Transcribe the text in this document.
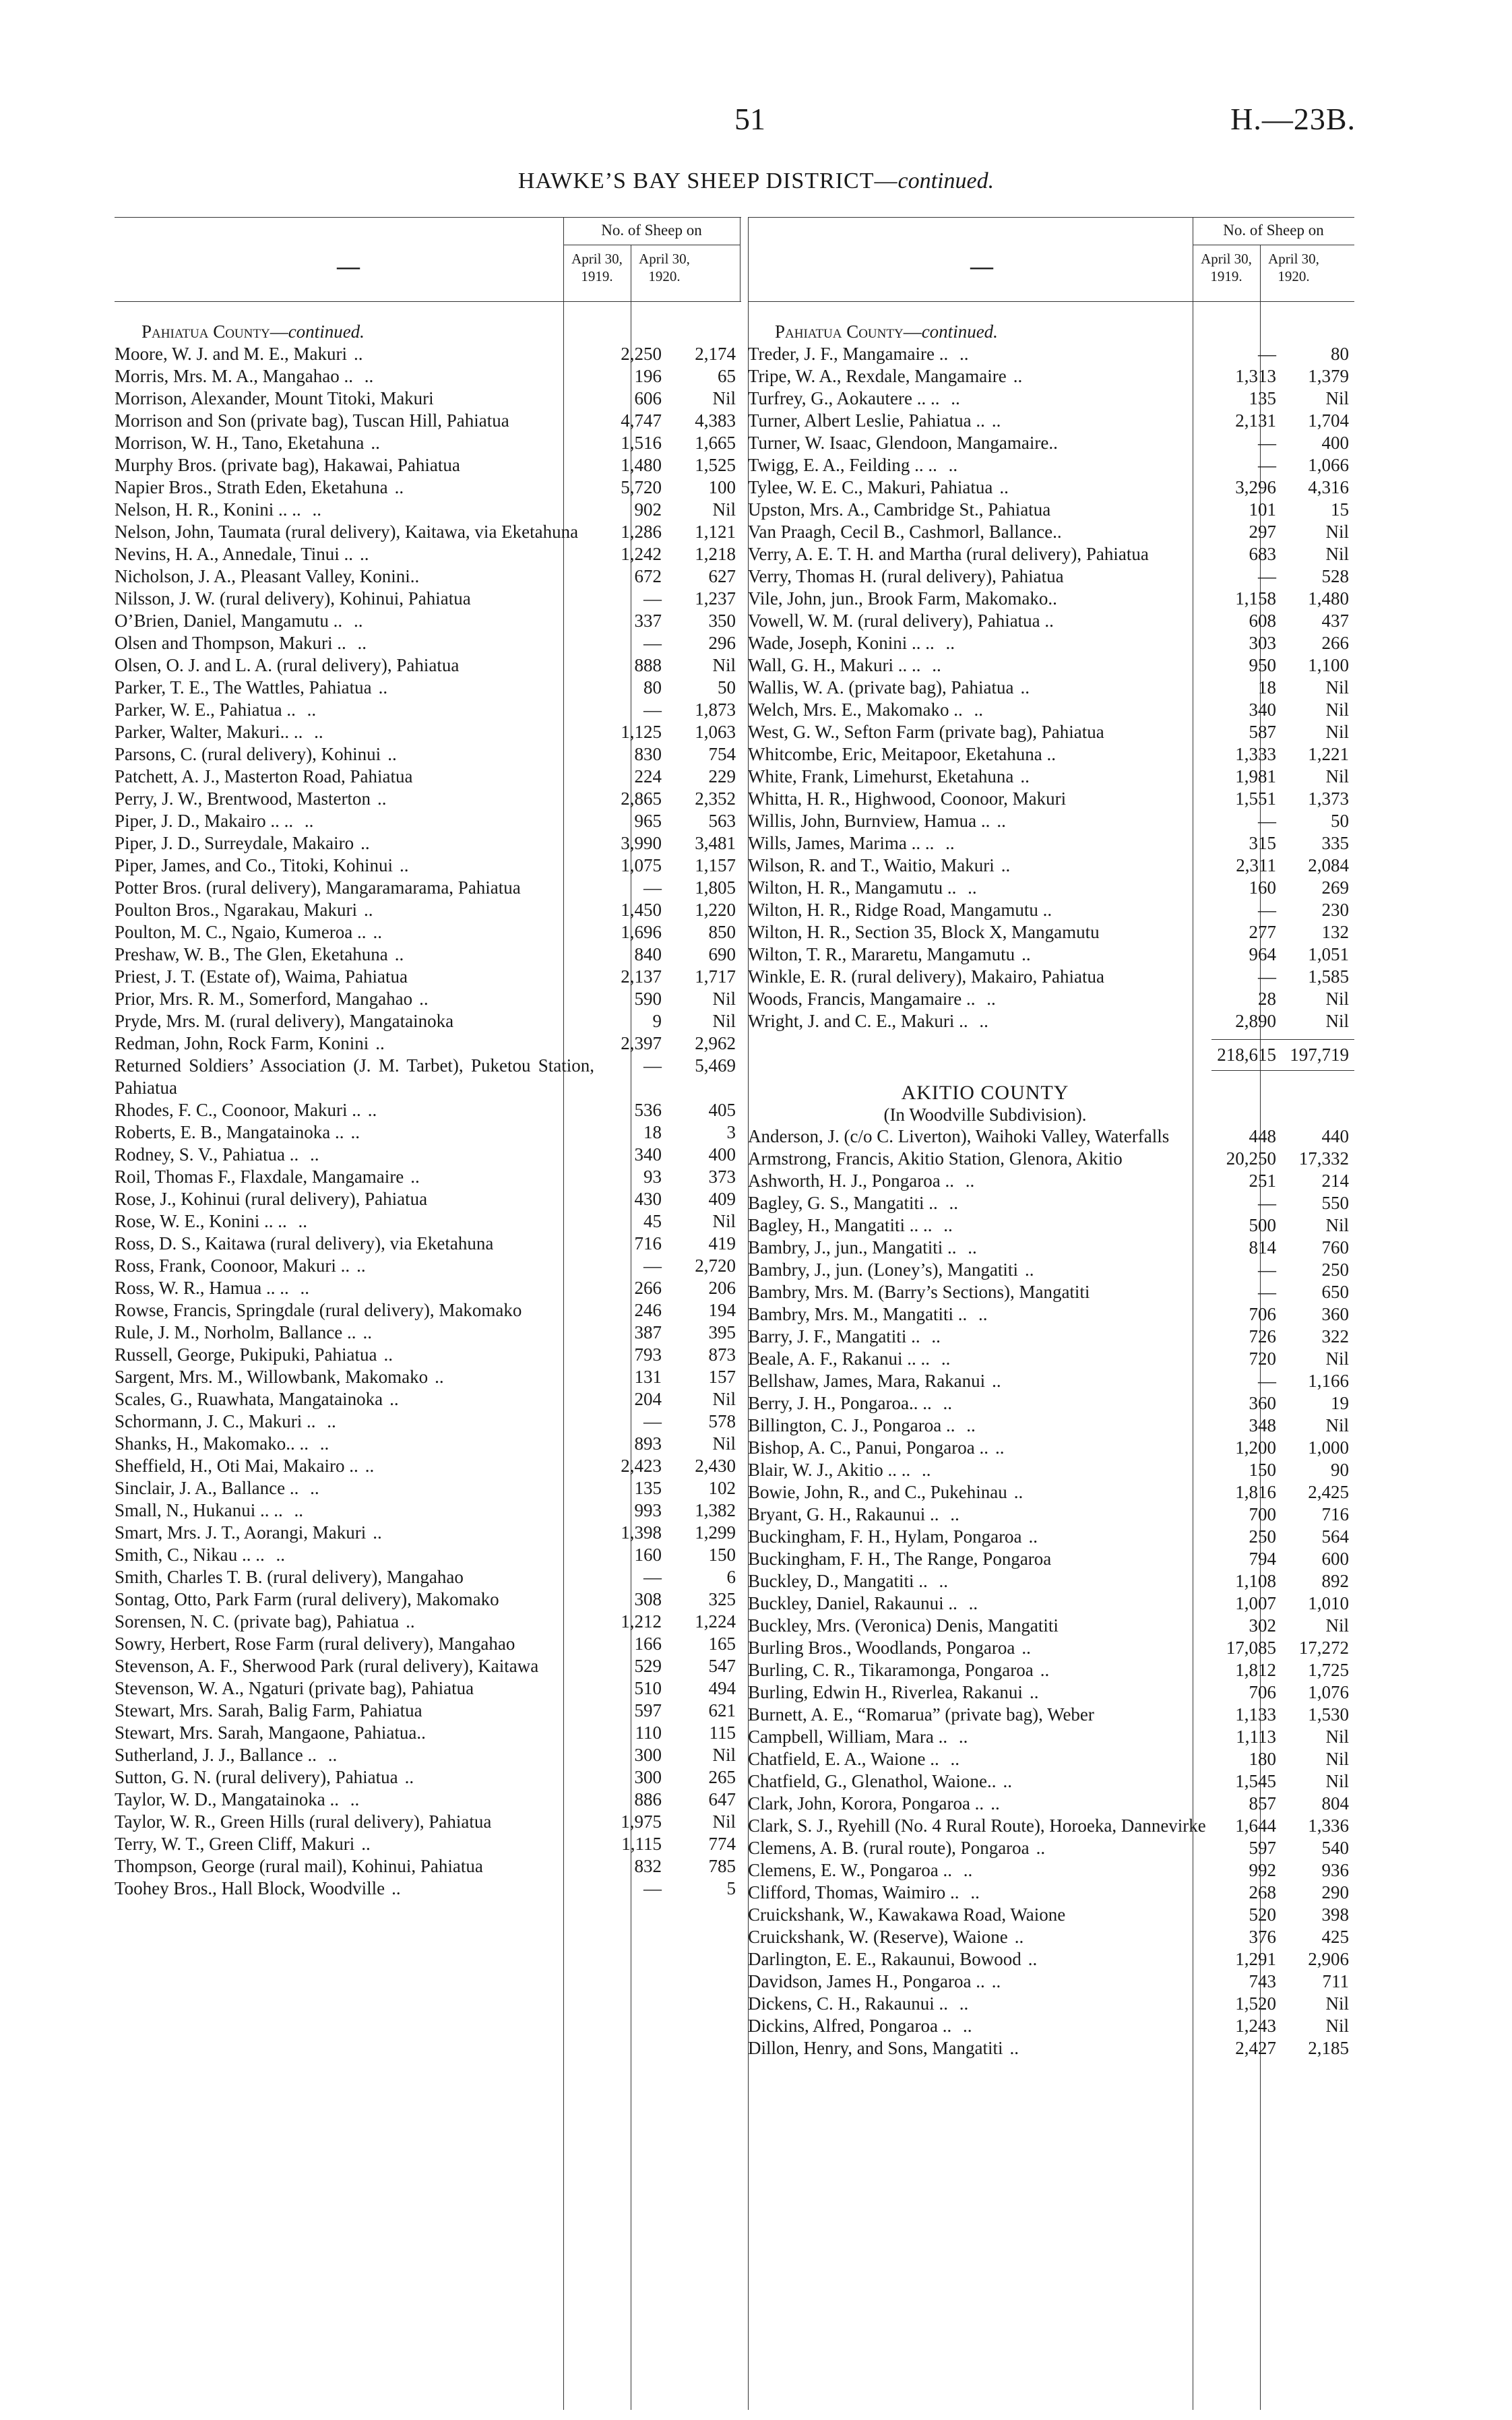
51	H.—23B.
HAWKE’S BAY SHEEP DISTRICT—continued.
—
No. of Sheep on
April 30, 1919.
April 30, 1920.
Pahiatua County—continued.
Moore, W. J. and M. E., Makuri ..	2,250	2,174
Morris, Mrs. M. A., Mangahao .. ..	196	65
Morrison, Alexander, Mount Titoki, Makuri	606	Nil
Morrison and Son (private bag), Tuscan Hill, Pahiatua	4,747	4,383
Morrison, W. H., Tano, Eketahuna ..	1,516	1,665
Murphy Bros. (private bag), Hakawai, Pahiatua	1,480	1,525
Napier Bros., Strath Eden, Eketahuna ..	5,720	100
Nelson, H. R., Konini .. .. ..	902	Nil
Nelson, John, Taumata (rural delivery), Kaitawa, via Eketahuna	1,286	1,121
Nevins, H. A., Annedale, Tinui .. ..	1,242	1,218
Nicholson, J. A., Pleasant Valley, Konini..	672	627
Nilsson, J. W. (rural delivery), Kohinui, Pahiatua	—	1,237
O’Brien, Daniel, Mangamutu .. ..	337	350
Olsen and Thompson, Makuri .. ..	—	296
Olsen, O. J. and L. A. (rural delivery), Pahiatua	888	Nil
Parker, T. E., The Wattles, Pahiatua ..	80	50
Parker, W. E., Pahiatua .. ..	—	1,873
Parker, Walter, Makuri.. .. ..	1,125	1,063
Parsons, C. (rural delivery), Kohinui ..	830	754
Patchett, A. J., Masterton Road, Pahiatua	224	229
Perry, J. W., Brentwood, Masterton ..	2,865	2,352
Piper, J. D., Makairo .. .. ..	965	563
Piper, J. D., Surreydale, Makairo ..	3,990	3,481
Piper, James, and Co., Titoki, Kohinui ..	1,075	1,157
Potter Bros. (rural delivery), Mangaramarama, Pahiatua	—	1,805
Poulton Bros., Ngarakau, Makuri ..	1,450	1,220
Poulton, M. C., Ngaio, Kumeroa .. ..	1,696	850
Preshaw, W. B., The Glen, Eketahuna ..	840	690
Priest, J. T. (Estate of), Waima, Pahiatua	2,137	1,717
Prior, Mrs. R. M., Somerford, Mangahao ..	590	Nil
Pryde, Mrs. M. (rural delivery), Mangatainoka	9	Nil
Redman, John, Rock Farm, Konini ..	2,397	2,962
Returned Soldiers’ Association (J. M. Tarbet), Puketou Station, Pahiatua
—	5,469
Rhodes, F. C., Coonoor, Makuri .. ..	536	405
Roberts, E. B., Mangatainoka .. ..	18	3
Rodney, S. V., Pahiatua .. ..	340	400
Roil, Thomas F., Flaxdale, Mangamaire ..	93	373
Rose, J., Kohinui (rural delivery), Pahiatua	430	409
Rose, W. E., Konini .. .. ..	45	Nil
Ross, D. S., Kaitawa (rural delivery), via Eketahuna	716	419
Ross, Frank, Coonoor, Makuri .. ..	—	2,720
Ross, W. R., Hamua .. .. ..	266	206
Rowse, Francis, Springdale (rural delivery), Makomako	246	194
Rule, J. M., Norholm, Ballance .. ..	387	395
Russell, George, Pukipuki, Pahiatua ..	793	873
Sargent, Mrs. M., Willowbank, Makomako ..	131	157
Scales, G., Ruawhata, Mangatainoka ..	204	Nil
Schormann, J. C., Makuri .. ..	—	578
Shanks, H., Makomako.. .. ..	893	Nil
Sheffield, H., Oti Mai, Makairo .. ..	2,423	2,430
Sinclair, J. A., Ballance .. ..	135	102
Small, N., Hukanui .. .. ..	993	1,382
Smart, Mrs. J. T., Aorangi, Makuri ..	1,398	1,299
Smith, C., Nikau .. .. ..	160	150
Smith, Charles T. B. (rural delivery), Mangahao	—	6
Sontag, Otto, Park Farm (rural delivery), Makomako	308	325
Sorensen, N. C. (private bag), Pahiatua ..	1,212	1,224
Sowry, Herbert, Rose Farm (rural delivery), Mangahao	166	165
Stevenson, A. F., Sherwood Park (rural delivery), Kaitawa	529	547
Stevenson, W. A., Ngaturi (private bag), Pahiatua	510	494
Stewart, Mrs. Sarah, Balig Farm, Pahiatua	597	621
Stewart, Mrs. Sarah, Mangaone, Pahiatua..	110	115
Sutherland, J. J., Ballance .. ..	300	Nil
Sutton, G. N. (rural delivery), Pahiatua ..	300	265
Taylor, W. D., Mangatainoka .. ..	886	647
Taylor, W. R., Green Hills (rural delivery), Pahiatua	1,975	Nil
Terry, W. T., Green Cliff, Makuri ..	1,115	774
Thompson, George (rural mail), Kohinui, Pahiatua	832	785
Toohey Bros., Hall Block, Woodville ..	—	5
—
No. of Sheep on
April 30, 1919.
April 30, 1920.
Pahiatua County—continued.
Treder, J. F., Mangamaire .. ..	—	80
Tripe, W. A., Rexdale, Mangamaire ..	1,313	1,379
Turfrey, G., Aokautere .. .. ..	135	Nil
Turner, Albert Leslie, Pahiatua .. ..	2,131	1,704
Turner, W. Isaac, Glendoon, Mangamaire..	—	400
Twigg, E. A., Feilding .. .. ..	—	1,066
Tylee, W. E. C., Makuri, Pahiatua ..	3,296	4,316
Upston, Mrs. A., Cambridge St., Pahiatua	101	15
Van Praagh, Cecil B., Cashmorl, Ballance..	297	Nil
Verry, A. E. T. H. and Martha (rural delivery), Pahiatua	683	Nil
Verry, Thomas H. (rural delivery), Pahiatua	—	528
Vile, John, jun., Brook Farm, Makomako..	1,158	1,480
Vowell, W. M. (rural delivery), Pahiatua ..	608	437
Wade, Joseph, Konini .. .. ..	303	266
Wall, G. H., Makuri .. .. ..	950	1,100
Wallis, W. A. (private bag), Pahiatua ..	18	Nil
Welch, Mrs. E., Makomako .. ..	340	Nil
West, G. W., Sefton Farm (private bag), Pahiatua	587	Nil
Whitcombe, Eric, Meitapoor, Eketahuna ..	1,333	1,221
White, Frank, Limehurst, Eketahuna ..	1,981	Nil
Whitta, H. R., Highwood, Coonoor, Makuri	1,551	1,373
Willis, John, Burnview, Hamua .. ..	—	50
Wills, James, Marima .. .. ..	315	335
Wilson, R. and T., Waitio, Makuri ..	2,311	2,084
Wilton, H. R., Mangamutu .. ..	160	269
Wilton, H. R., Ridge Road, Mangamutu ..	—	230
Wilton, H. R., Section 35, Block X, Mangamutu	277	132
Wilton, T. R., Mararetu, Mangamutu ..	964	1,051
Winkle, E. R. (rural delivery), Makairo, Pahiatua	—	1,585
Woods, Francis, Mangamaire .. ..	28	Nil
Wright, J. and C. E., Makuri .. ..	2,890	Nil
218,615 197,719
AKITIO COUNTY
(In Woodville Subdivision).
Anderson, J. (c/o C. Liverton), Waihoki Valley, Waterfalls	448	440
Armstrong, Francis, Akitio Station, Glenora, Akitio	20,250	17,332
Ashworth, H. J., Pongaroa .. ..	251	214
Bagley, G. S., Mangatiti .. ..	—	550
Bagley, H., Mangatiti .. .. ..	500	Nil
Bambry, J., jun., Mangatiti .. ..	814	760
Bambry, J., jun. (Loney’s), Mangatiti ..	—	250
Bambry, Mrs. M. (Barry’s Sections), Mangatiti	—	650
Bambry, Mrs. M., Mangatiti .. ..	706	360
Barry, J. F., Mangatiti .. ..	726	322
Beale, A. F., Rakanui .. .. ..	720	Nil
Bellshaw, James, Mara, Rakanui ..	—	1,166
Berry, J. H., Pongaroa.. .. ..	360	19
Billington, C. J., Pongaroa .. ..	348	Nil
Bishop, A. C., Panui, Pongaroa .. ..	1,200	1,000
Blair, W. J., Akitio .. .. ..	150	90
Bowie, John, R., and C., Pukehinau ..	1,816	2,425
Bryant, G. H., Rakaunui .. ..	700	716
Buckingham, F. H., Hylam, Pongaroa ..	250	564
Buckingham, F. H., The Range, Pongaroa	794	600
Buckley, D., Mangatiti .. ..	1,108	892
Buckley, Daniel, Rakaunui .. ..	1,007	1,010
Buckley, Mrs. (Veronica) Denis, Mangatiti	302	Nil
Burling Bros., Woodlands, Pongaroa ..	17,085	17,272
Burling, C. R., Tikaramonga, Pongaroa ..	1,812	1,725
Burling, Edwin H., Riverlea, Rakanui ..	706	1,076
Burnett, A. E., “Romarua” (private bag), Weber	1,133	1,530
Campbell, William, Mara .. ..	1,113	Nil
Chatfield, E. A., Waione .. ..	180	Nil
Chatfield, G., Glenathol, Waione.. ..	1,545	Nil
Clark, John, Korora, Pongaroa .. ..	857	804
Clark, S. J., Ryehill (No. 4 Rural Route), Horoeka, Dannevirke	1,644	1,336
Clemens, A. B. (rural route), Pongaroa ..	597	540
Clemens, E. W., Pongaroa .. ..	992	936
Clifford, Thomas, Waimiro .. ..	268	290
Cruickshank, W., Kawakawa Road, Waione	520	398
Cruickshank, W. (Reserve), Waione ..	376	425
Darlington, E. E., Rakaunui, Bowood ..	1,291	2,906
Davidson, James H., Pongaroa .. ..	743	711
Dickens, C. H., Rakaunui .. ..	1,520	Nil
Dickins, Alfred, Pongaroa .. ..	1,243	Nil
Dillon, Henry, and Sons, Mangatiti ..	2,427	2,185
